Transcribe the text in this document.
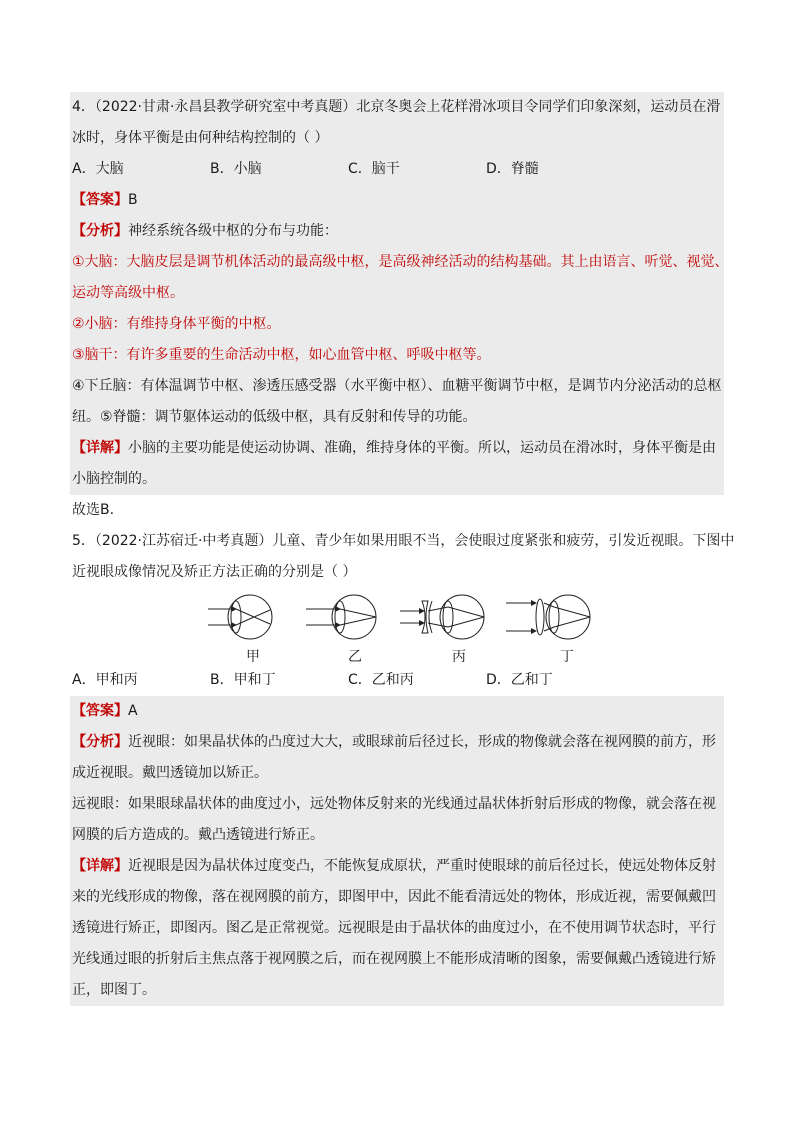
4．（2022·甘肃·永昌县教学研究室中考真题）北京冬奥会上花样滑冰项目令同学们印象深刻，运动员在滑
冰时，身体平衡是由何种结构控制的（ ）
A．大脑	B．小脑	C．脑干	D．脊髓
【答案】B
【分析】神经系统各级中枢的分布与功能：
①大脑：大脑皮层是调节机体活动的最高级中枢，是高级神经活动的结构基础。其上由语言、听觉、视觉、
运动等高级中枢。
②小脑：有维持身体平衡的中枢。
③脑干：有许多重要的生命活动中枢，如心血管中枢、呼吸中枢等。
④下丘脑：有体温调节中枢、渗透压感受器（水平衡中枢）、血糖平衡调节中枢，是调节内分泌活动的总枢
纽。⑤脊髓：调节躯体运动的低级中枢，具有反射和传导的功能。
【详解】小脑的主要功能是使运动协调、准确，维持身体的平衡。所以，运动员在滑冰时，身体平衡是由
小脑控制的。
故选B.
5．（2022·江苏宿迁·中考真题）儿童、青少年如果用眼不当，会使眼过度紧张和疲劳，引发近视眼。下图中
近视眼成像情况及矫正方法正确的分别是（ ）
甲	乙	丙	丁
A．甲和丙	B．甲和丁	C．乙和丙	D．乙和丁
【答案】A
【分析】近视眼：如果晶状体的凸度过大大，或眼球前后径过长，形成的物像就会落在视网膜的前方，形
成近视眼。戴凹透镜加以矫正。
远视眼：如果眼球晶状体的曲度过小，远处物体反射来的光线通过晶状体折射后形成的物像，就会落在视
网膜的后方造成的。戴凸透镜进行矫正。
【详解】近视眼是因为晶状体过度变凸，不能恢复成原状，严重时使眼球的前后径过长，使远处物体反射
来的光线形成的物像，落在视网膜的前方，即图甲中，因此不能看清远处的物体，形成近视，需要佩戴凹
透镜进行矫正，即图丙。图乙是正常视觉。远视眼是由于晶状体的曲度过小，在不使用调节状态时，平行
光线通过眼的折射后主焦点落于视网膜之后，而在视网膜上不能形成清晰的图象，需要佩戴凸透镜进行矫
正，即图丁。
